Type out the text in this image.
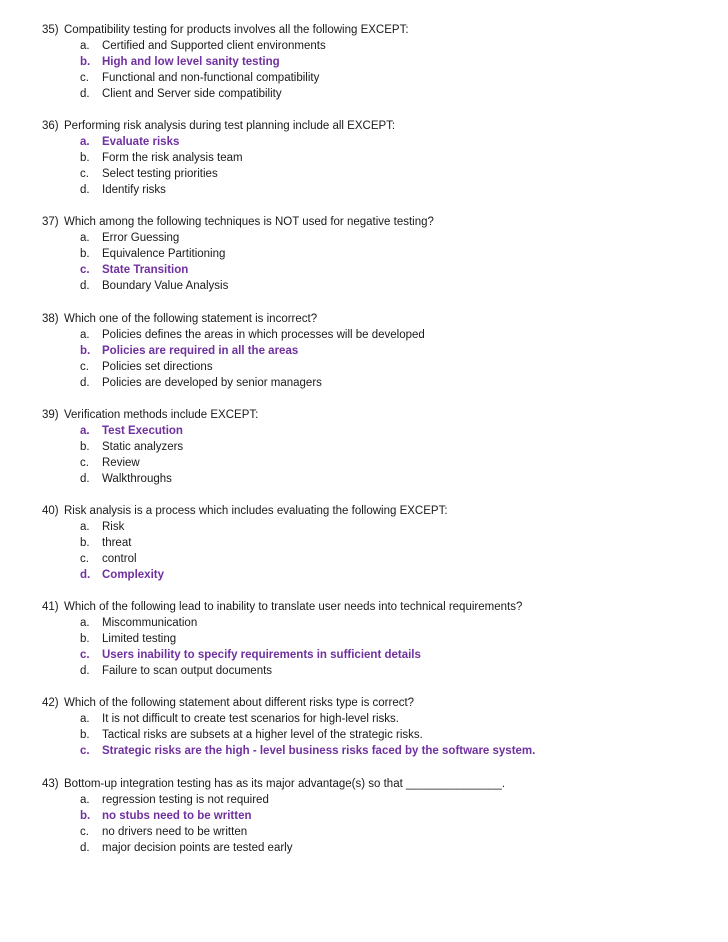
35) Compatibility testing for products involves all the following EXCEPT:
a. Certified and Supported client environments
b. High and low level sanity testing
c. Functional and non-functional compatibility
d. Client and Server side compatibility
36) Performing risk analysis during test planning include all EXCEPT:
a. Evaluate risks
b. Form the risk analysis team
c. Select testing priorities
d. Identify risks
37) Which among the following techniques is NOT used for negative testing?
a. Error Guessing
b. Equivalence Partitioning
c. State Transition
d. Boundary Value Analysis
38) Which one of the following statement is incorrect?
a. Policies defines the areas in which processes will be developed
b. Policies are required in all the areas
c. Policies set directions
d. Policies are developed by senior managers
39) Verification methods include EXCEPT:
a. Test Execution
b. Static analyzers
c. Review
d. Walkthroughs
40) Risk analysis is a process which includes evaluating the following EXCEPT:
a. Risk
b. threat
c. control
d. Complexity
41) Which of the following lead to inability to translate user needs into technical requirements?
a. Miscommunication
b. Limited testing
c. Users inability to specify requirements in sufficient details
d. Failure to scan output documents
42) Which of the following statement about different risks type is correct?
a. It is not difficult to create test scenarios for high-level risks.
b. Tactical risks are subsets at a higher level of the strategic risks.
c. Strategic risks are the high - level business risks faced by the software system.
43) Bottom-up integration testing has as its major advantage(s) so that _______________.
a. regression testing is not required
b. no stubs need to be written
c. no drivers need to be written
d. major decision points are tested early
